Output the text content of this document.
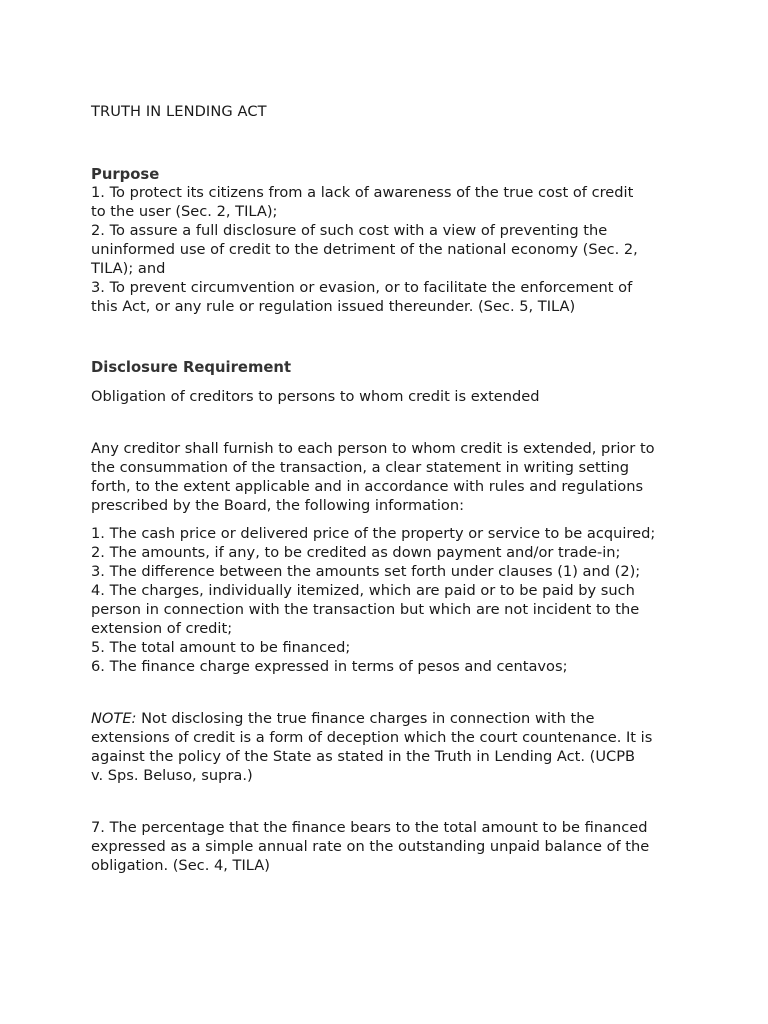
TRUTH IN LENDING ACT
Purpose
1. To protect its citizens from a lack of awareness of the true cost of credit
to the user (Sec. 2, TILA);
2. To assure a full disclosure of such cost with a view of preventing the
uninformed use of credit to the detriment of the national economy (Sec. 2,
TILA); and
3. To prevent circumvention or evasion, or to facilitate the enforcement of
this Act, or any rule or regulation issued thereunder. (Sec. 5, TILA)
Disclosure Requirement
Obligation of creditors to persons to whom credit is extended
Any creditor shall furnish to each person to whom credit is extended, prior to
the consummation of the transaction, a clear statement in writing setting
forth, to the extent applicable and in accordance with rules and regulations
prescribed by the Board, the following information:
1. The cash price or delivered price of the property or service to be acquired;
2. The amounts, if any, to be credited as down payment and/or trade-in;
3. The difference between the amounts set forth under clauses (1) and (2);
4. The charges, individually itemized, which are paid or to be paid by such
person in connection with the transaction but which are not incident to the
extension of credit;
5. The total amount to be financed;
6. The finance charge expressed in terms of pesos and centavos;
NOTE: Not disclosing the true finance charges in connection with the
extensions of credit is a form of deception which the court countenance. It is
against the policy of the State as stated in the Truth in Lending Act. (UCPB
v. Sps. Beluso, supra.)
7. The percentage that the finance bears to the total amount to be financed
expressed as a simple annual rate on the outstanding unpaid balance of the
obligation. (Sec. 4, TILA)
